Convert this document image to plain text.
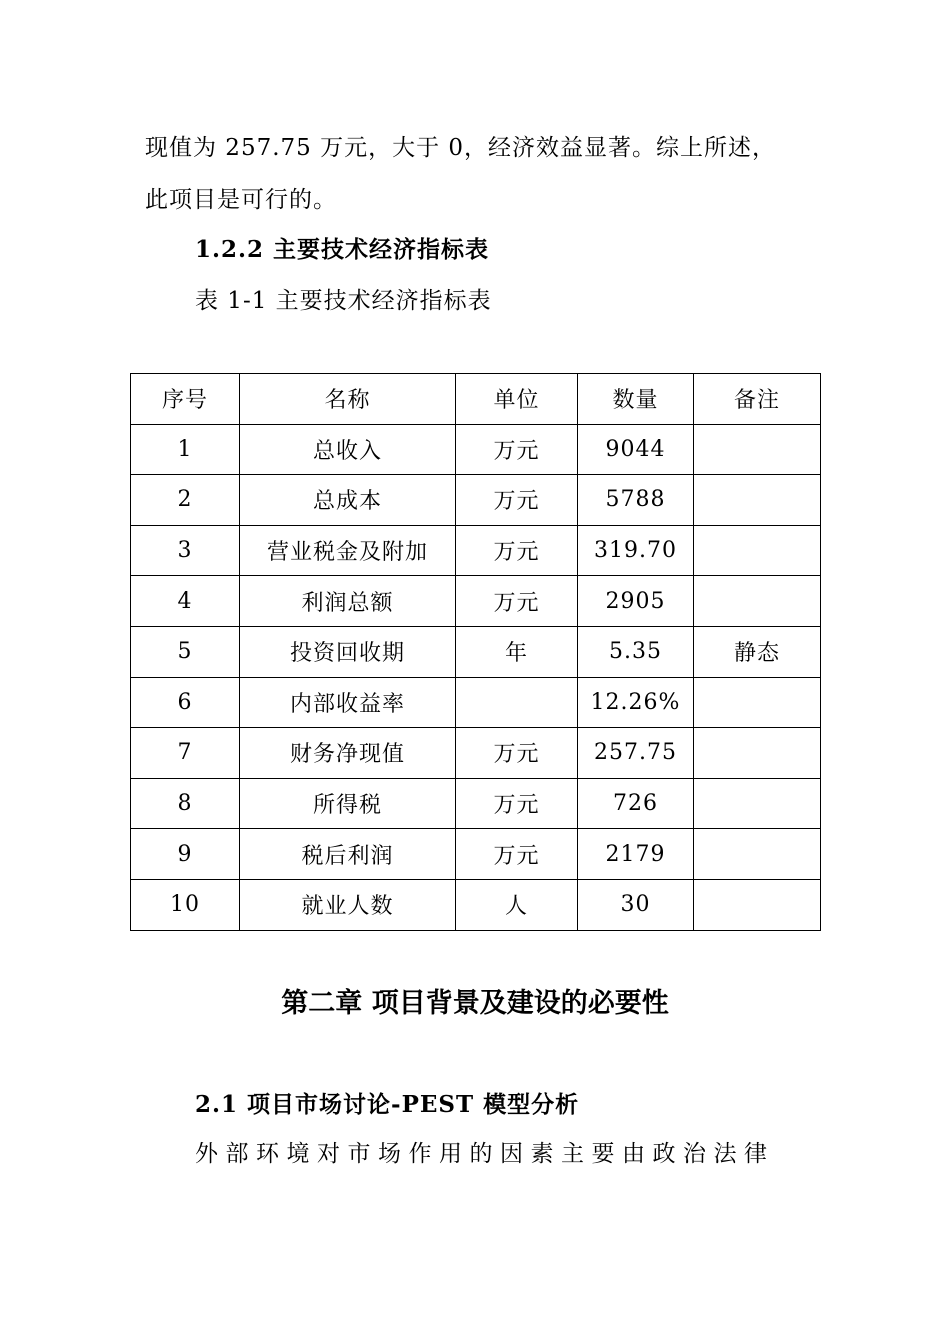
现值为 257.75 万元，大于 0，经济效益显著。综上所述，
此项目是可行的。
1.2.2 主要技术经济指标表
表 1-1 主要技术经济指标表
序号	名称	单位	数量	备注
1	总收入	万元	9044	
2	总成本	万元	5788	
3	营业税金及附加	万元	319.70	
4	利润总额	万元	2905	
5	投资回收期	年	5.35	静态
6	内部收益率		12.26%	
7	财务净现值	万元	257.75	
8	所得税	万元	726	
9	税后利润	万元	2179	
10	就业人数	人	30	
第二章 项目背景及建设的必要性
2.1 项目市场讨论-PEST 模型分析
外部环境对市场作用的因素主要由政治法律
